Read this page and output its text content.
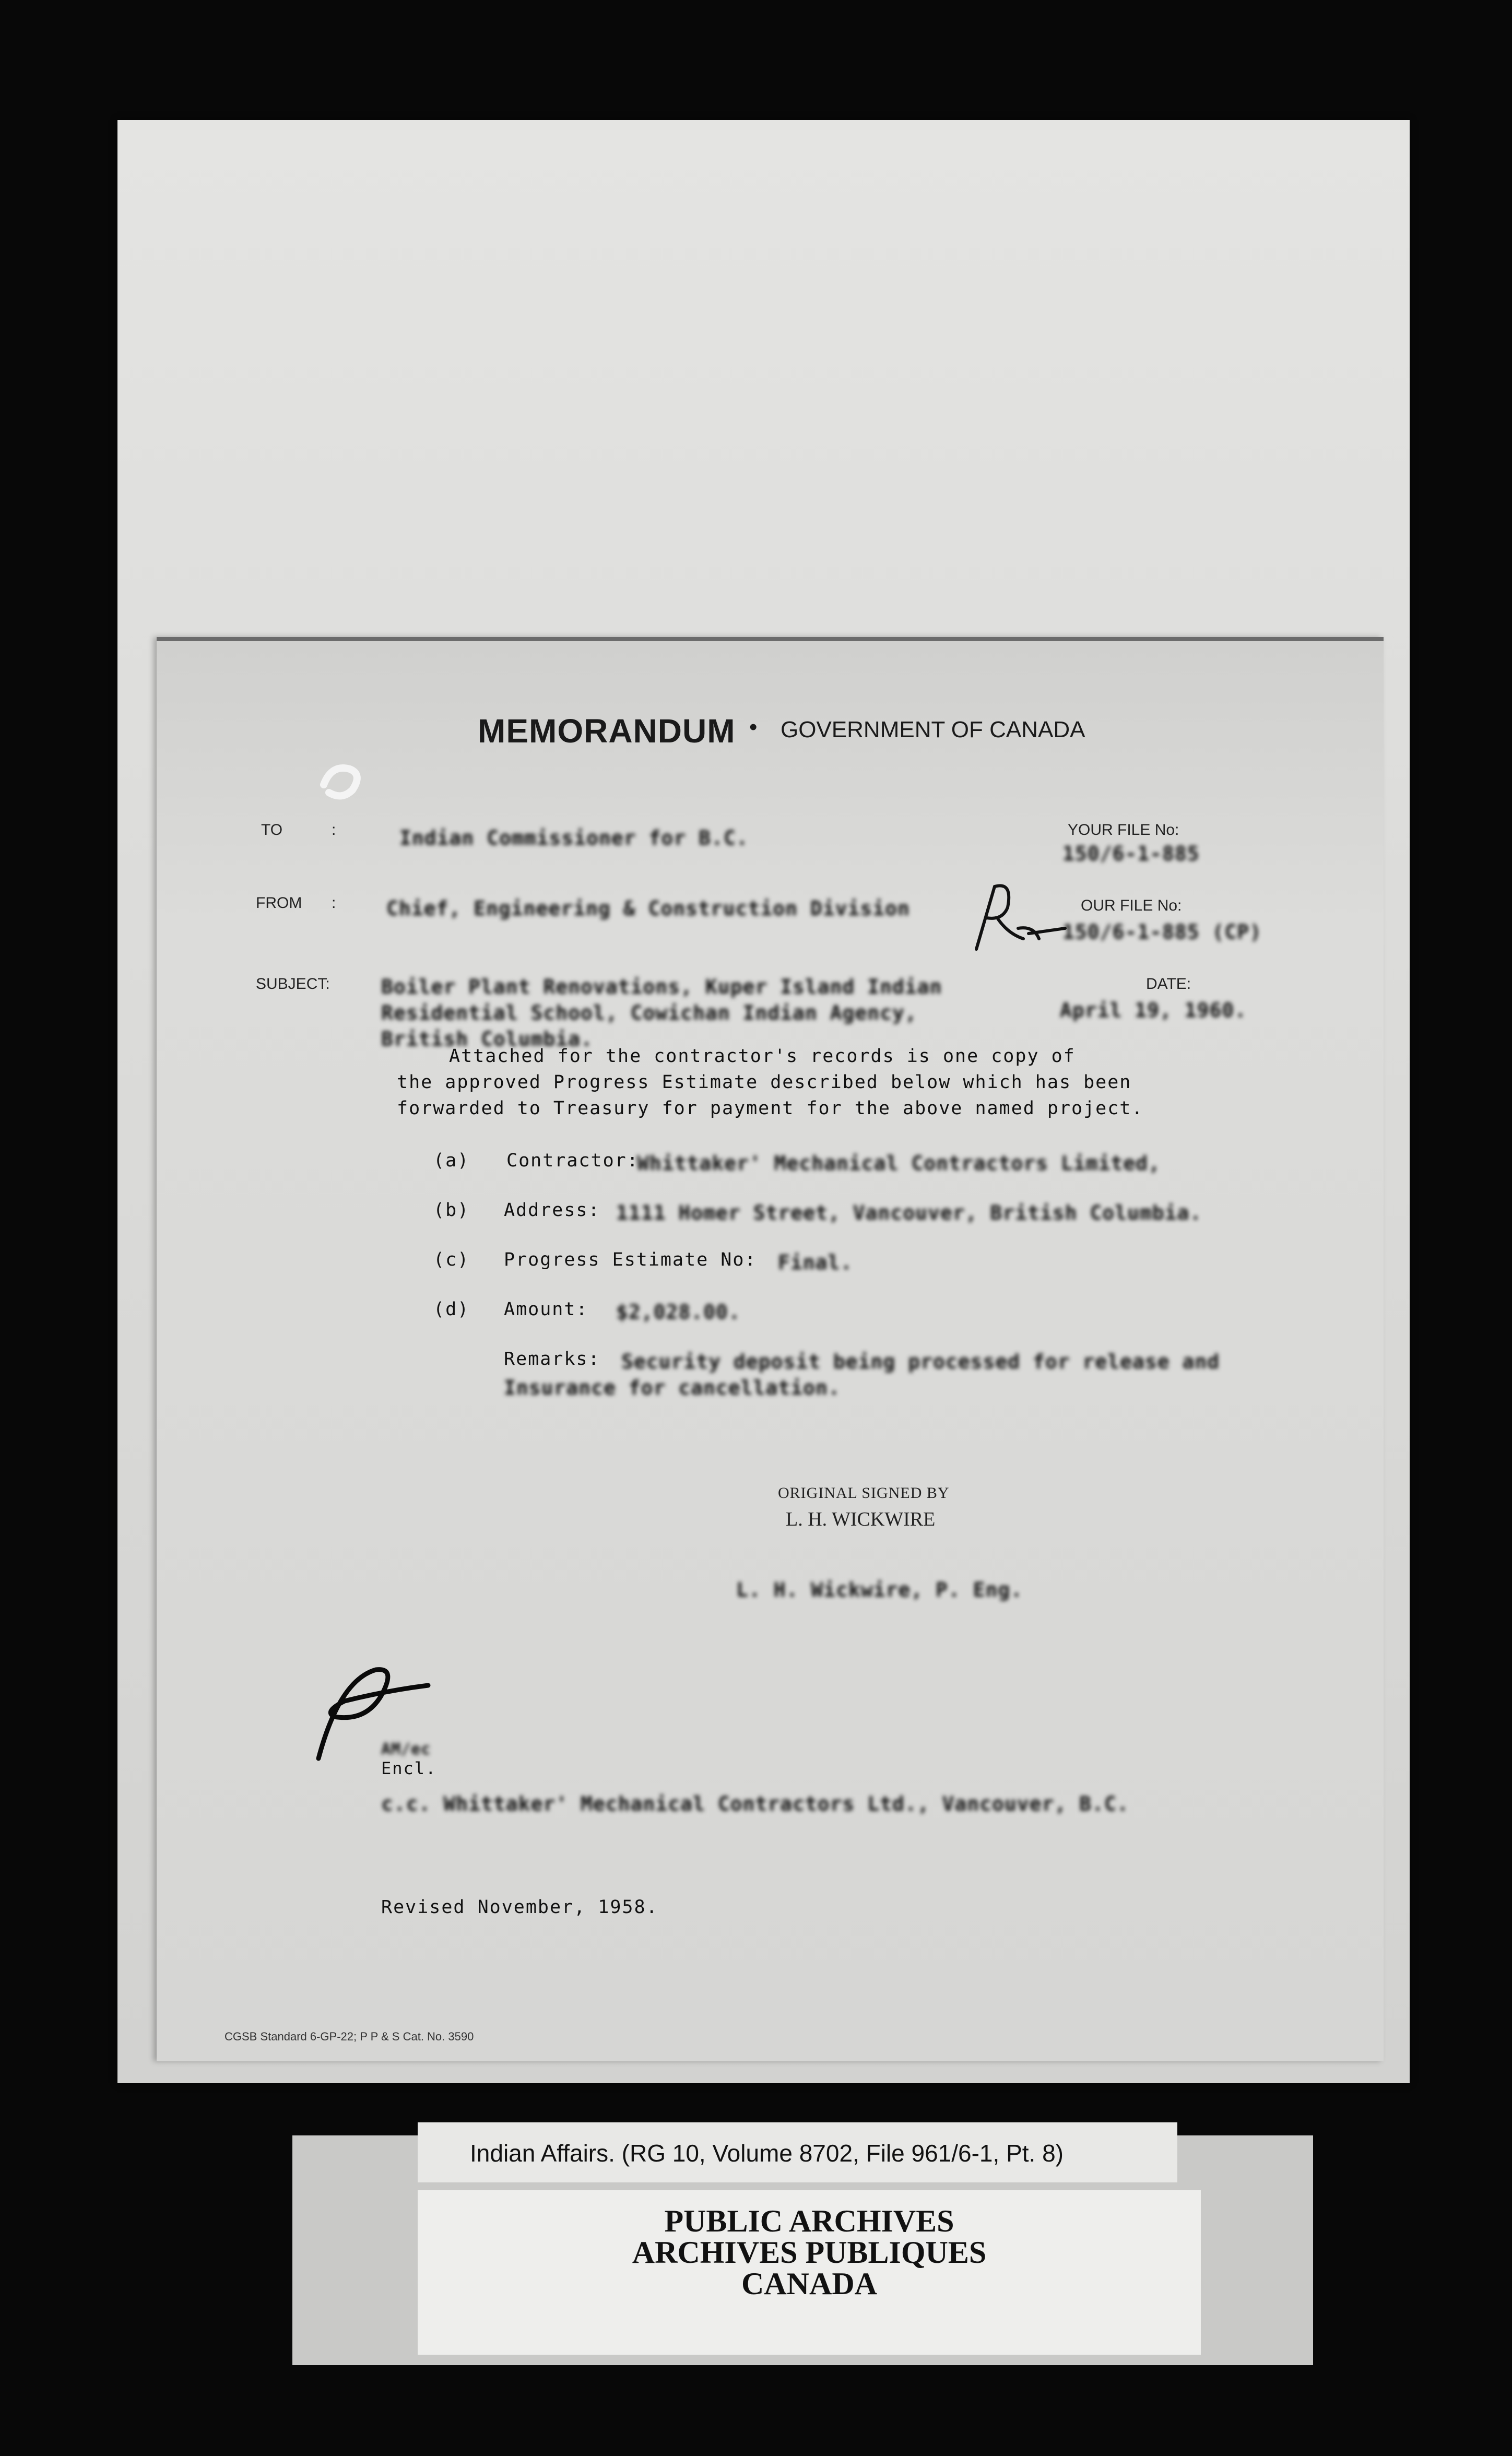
MEMORANDUM • GOVERNMENT OF CANADA
TO	:	Indian Commissioner for B.C.	YOUR FILE No:
150/6-1-885
FROM :	Chief, Engineering & Construction Division	OUR FILE No:
150/6-1-885 (CP)
SUBJECT:	Boiler Plant Renovations, Kuper Island Indian
Residential School, Cowichan Indian Agency,
British Columbia.
DATE:
April 19, 1960.
Attached for the contractor's records is one copy of
the approved Progress Estimate described below which has been
forwarded to Treasury for payment for the above named project.
(a) Contractor:
Whittaker' Mechanical Contractors Limited,
(b) Address: 1111 Homer Street, Vancouver, British Columbia.
(c) Progress Estimate No: Final.
(d) Amount: $2,028.00.
Remarks: Security deposit being processed for release and
Insurance for cancellation.
ORIGINAL SIGNED BY
L. H. WICKWIRE
L. H. Wickwire, P. Eng.
AM/ec
Encl.
c.c. Whittaker' Mechanical Contractors Ltd., Vancouver, B.C.
Revised November, 1958.
CGSB Standard 6-GP-22; P P & S Cat. No. 3590
Indian Affairs. (RG 10, Volume 8702, File 961/6-1, Pt. 8)
PUBLIC ARCHIVES
ARCHIVES PUBLIQUES
CANADA
